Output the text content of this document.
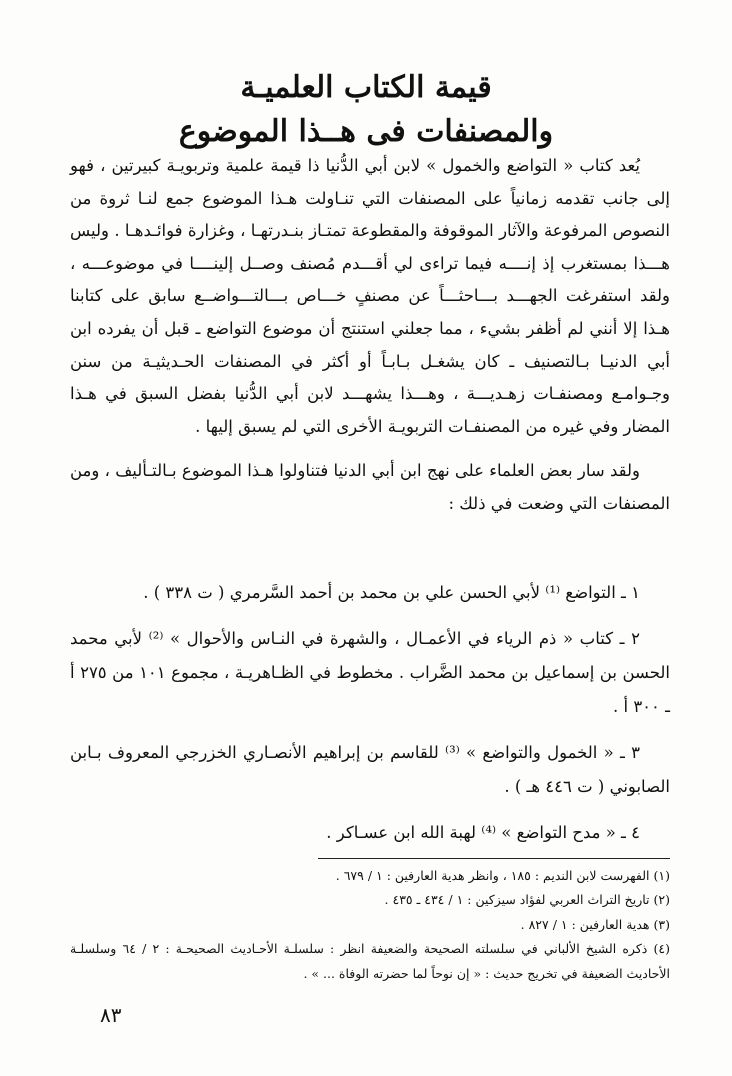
قيمة الكتاب العلميـة
والمصنفات فى هــذا الموضوع

يُعد كتاب « التواضع والخمول » لابن أبي الدُّنيا ذا قيمة علمية وتربويـة كبيرتين ، فهو إلى جانب تقدمه زمانياً على المصنفات التي تنـاولت هـذا الموضوع جمع لنـا ثروة من النصوص المرفوعة والآثار الموقوفة والمقطوعة تمتـاز بنـدرتهـا ، وغزارة فوائـدهـا . وليس هـــذا بمستغرب إذ إنــــه فيما تراءى لي أقـــدم مُصنف وصــل إلينــــا في موضوعـــه ، ولقد استفرغت الجهـــد بـــاحثـــاً عن مصنفٍ خـــاص بـــالتـــواضــع سابق على كتابنا هـذا إلا أنني لم أظفر بشيء ، مما جعلني استنتج أن موضوع التواضع ـ قبل أن يفرده ابن أبي الدنيـا بـالتصنيف ـ كان يشغـل بـابـاً أو أكثر في المصنفات الحـديثيـة من سنن وجـوامـع ومصنفـات زهـديـــة ، وهـــذا يشهـــد لابن أبي الدُّنيا بفضل السبق في هـذا المضار وفي غيره من المصنفـات التربويـة الأخرى التي لم يسبق إليها .

ولقد سار بعض العلماء على نهج ابن أبي الدنيا فتناولوا هـذا الموضوع بـالتـأليف ، ومن المصنفات التي وضعت في ذلك :

١ ـ التواضع ⁽¹⁾ لأبي الحسن علي بن محمد بن أحمد السَّرمري ( ت ٣٣٨ ) .

٢ ـ كتاب « ذم الرياء في الأعمـال ، والشهرة في النـاس والأحوال » ⁽²⁾ لأبي محمد الحسن بن إسماعيل بن محمد الضَّراب . مخطوط في الظـاهريـة ، مجموع ١٠١ من ٢٧٥ أ ـ ٣٠٠ أ .

٣ ـ « الخمول والتواضع » ⁽³⁾ للقاسم بن إبراهيم الأنصـاري الخزرجي المعروف بـابن الصابوني ( ت ٤٤٦ هـ ) .

٤ ـ « مدح التواضع » ⁽⁴⁾ لهبة الله ابن عسـاكر .

(١) الفهرست لابن النديم : ١٨٥ ، وانظر هدية العارفين : ١ / ٦٧٩ .
(٢) تاريخ التراث العربي لفؤاد سيزكين : ١ / ٤٣٤ ـ ٤٣٥ .
(٣) هدية العارفين : ١ / ٨٢٧ .
(٤) ذكره الشيخ الألباني في سلسلته الصحيحة والضعيفة انظر : سلسلـة الأحـاديث الصحيحـة : ٢ / ٦٤ وسلسلـة الأحاديث الضعيفة في تخريج حديث : « إن نوحاً لما حضرته الوفاة ... » .
٨٣
